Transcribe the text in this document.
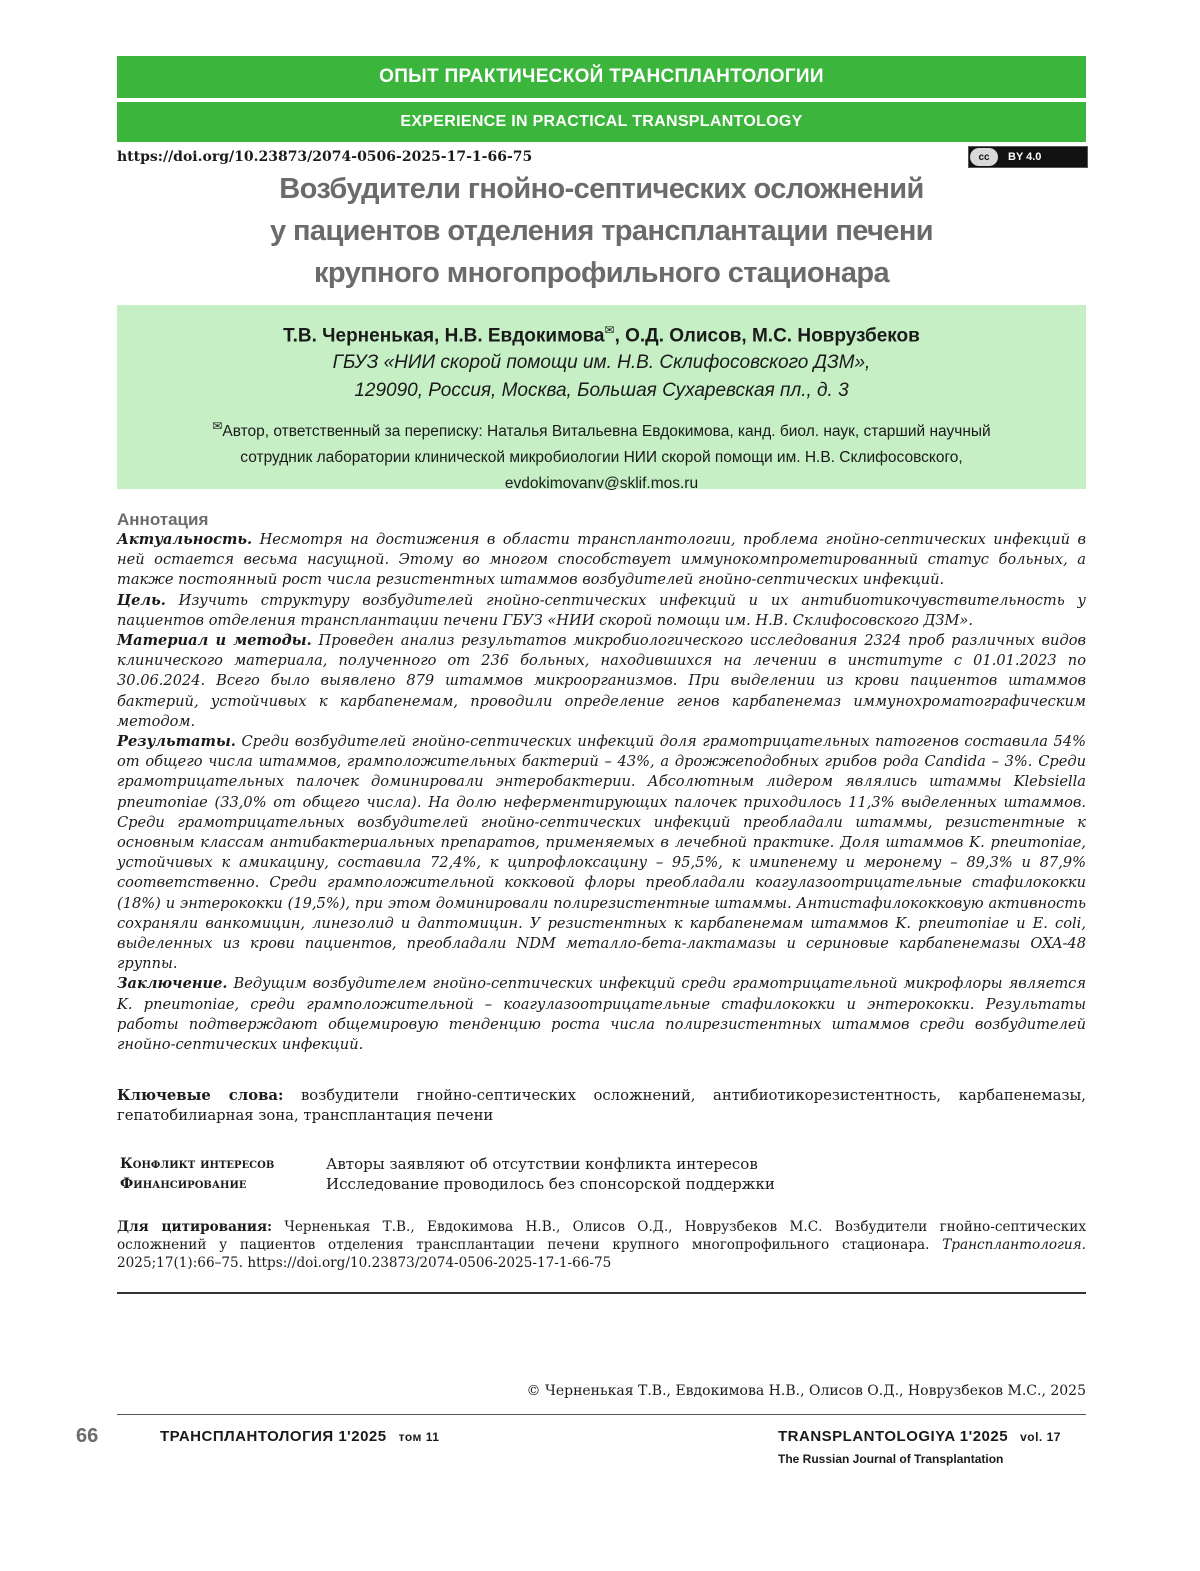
ОПЫТ ПРАКТИЧЕСКОЙ ТРАНСПЛАНТОЛОГИИ
EXPERIENCE IN PRACTICAL TRANSPLANTOLOGY
https://doi.org/10.23873/2074-0506-2025-17-1-66-75	cc	BY 4.0
Возбудители гнойно-септических осложнений
у пациентов отделения трансплантации печени
крупного многопрофильного стационара
Т.В. Черненькая, Н.В. Евдокимова✉, О.Д. Олисов, М.С. Новрузбеков
ГБУЗ «НИИ скорой помощи им. Н.В. Склифосовского ДЗМ»,
129090, Россия, Москва, Большая Сухаревская пл., д. 3
✉Автор, ответственный за переписку: Наталья Витальевна Евдокимова, канд. биол. наук, старший научный
сотрудник лаборатории клинической микробиологии НИИ скорой помощи им. Н.В. Склифосовского,
evdokimovanv@sklif.mos.ru
Аннотация

Актуальность. Несмотря на достижения в области трансплантологии, проблема гнойно-септических инфекций в ней остается весьма насущной. Этому во многом способствует иммунокомпрометированный статус больных, а также постоянный рост числа резистентных штаммов возбудителей гнойно-септических инфекций.

Цель. Изучить структуру возбудителей гнойно-септических инфекций и их антибиотикочувствительность у пациентов отделения трансплантации печени ГБУЗ «НИИ скорой помощи им. Н.В. Склифосовского ДЗМ».

Материал и методы. Проведен анализ результатов микробиологического исследования 2324 проб различных видов клинического материала, полученного от 236 больных, находившихся на лечении в институте с 01.01.2023 по 30.06.2024. Всего было выявлено 879 штаммов микроорганизмов. При выделении из крови пациентов штаммов бактерий, устойчивых к карбапенемам, проводили определение генов карбапенемаз иммунохроматографическим методом.

Результаты. Среди возбудителей гнойно-септических инфекций доля грамотрицательных патогенов составила 54% от общего числа штаммов, грамположительных бактерий – 43%, а дрожжеподобных грибов рода Candida – 3%. Среди грамотрицательных палочек доминировали энтеробактерии. Абсолютным лидером являлись штаммы Klebsiella pneumoniae (33,0% от общего числа). На долю неферментирующих палочек приходилось 11,3% выделенных штаммов. Среди грамотрицательных возбудителей гнойно-септических инфекций преобладали штаммы, резистентные к основным классам антибактериальных препаратов, применяемых в лечебной практике. Доля штаммов K. pneumoniae, устойчивых к амикацину, составила 72,4%, к ципрофлоксацину – 95,5%, к имипенему и меронему – 89,3% и 87,9% соответственно. Среди грамположительной кокковой флоры преобладали коагулазоотрицательные стафилококки (18%) и энтерококки (19,5%), при этом доминировали полирезистентные штаммы. Антистафилококковую активность сохраняли ванкомицин, линезолид и даптомицин. У резистентных к карбапенемам штаммов K. pneumoniae и E. coli, выделенных из крови пациентов, преобладали NDM металло-бета-лактамазы и сериновые карбапенемазы OXA-48 группы.

Заключение. Ведущим возбудителем гнойно-септических инфекций среди грамотрицательной микрофлоры является K. pneumoniae, среди грамположительной – коагулазоотрицательные стафилококки и энтерококки. Результаты работы подтверждают общемировую тенденцию роста числа полирезистентных штаммов среди возбудителей гнойно-септических инфекций.

Ключевые слова: возбудители гнойно-септических осложнений, антибиотикорезистентность, карбапенемазы, гепатобилиарная зона, трансплантация печени
Конфликт интересов	Авторы заявляют об отсутствии конфликта интересов
Финансирование	Исследование проводилось без спонсорской поддержки
Для цитирования: Черненькая Т.В., Евдокимова Н.В., Олисов О.Д., Новрузбеков М.С. Возбудители гнойно-септических осложнений у пациентов отделения трансплантации печени крупного многопрофильного стационара. Трансплантология. 2025;17(1):66–75. https://doi.org/10.23873/2074-0506-2025-17-1-66-75
© Черненькая Т.В., Евдокимова Н.В., Олисов О.Д., Новрузбеков М.С., 2025
66	ТРАНСПЛАНТОЛОГИЯ 1'2025 том 11	TRANSPLANTOLOGIYA 1'2025 vol. 17
The Russian Journal of Transplantation
